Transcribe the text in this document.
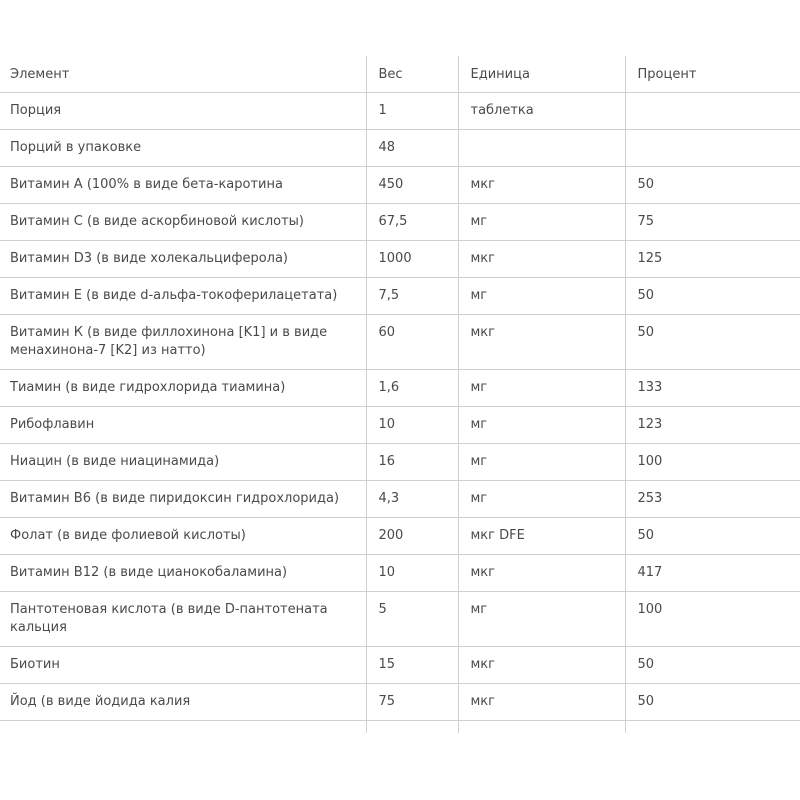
Элемент	Вес	Единица	Процент
Порция	1	таблетка	
Порций в упаковке	48		
Витамин А (100% в виде бета-каротина	450	мкг	50
Витамин С (в виде аскорбиновой кислоты)	67,5	мг	75
Витамин D3 (в виде холекальциферола)	1000	мкг	125
Витамин Е (в виде d-альфа-токоферилацетата)	7,5	мг	50
Витамин К (в виде филлохинона [K1] и в виде менахинона-7 [K2] из натто)	60	мкг	50
Тиамин (в виде гидрохлорида тиамина)	1,6	мг	133
Рибофлавин	10	мг	123
Ниацин (в виде ниацинамида)	16	мг	100
Витамин В6 (в виде пиридоксин гидрохлорида)	4,3	мг	253
Фолат (в виде фолиевой кислоты)	200	мкг DFE	50
Витамин В12 (в виде цианокобаламина)	10	мкг	417
Пантотеновая кислота (в виде D-пантотената кальция	5	мг	100
Биотин	15	мкг	50
Йод (в виде йодида калия	75	мкг	50
